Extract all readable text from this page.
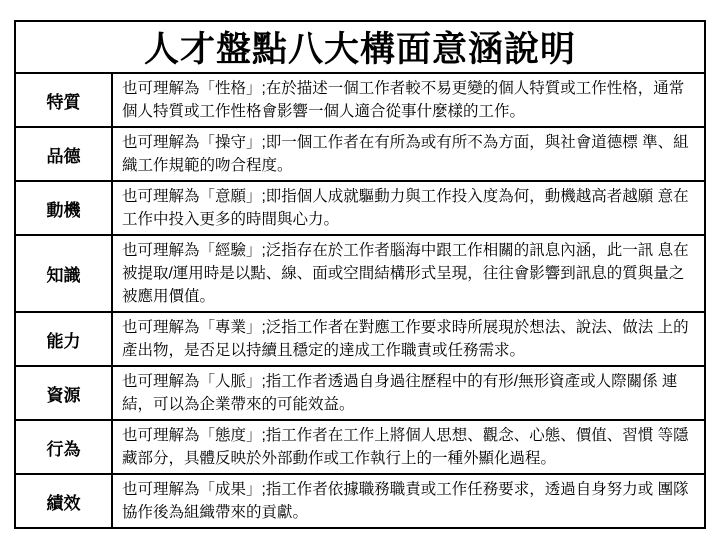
人才盤點八大構面意涵說明
特質
也可理解為「性格」;在於描述一個工作者較不易更變的個人特質或工作性格，通常個人特質或工作性格會影響一個人適合從事什麼樣的工作。
品德
也可理解為「操守」;即一個工作者在有所為或有所不為方面，與社會道德標 準、組織工作規範的吻合程度。
動機
也可理解為「意願」;即指個人成就驅動力與工作投入度為何，動機越高者越願 意在工作中投入更多的時間與心力。
知識
也可理解為「經驗」;泛指存在於工作者腦海中跟工作相關的訊息內涵，此一訊 息在被提取/運用時是以點、線、面或空間結構形式呈現，往往會影響到訊息的質與量之被應用價值。
能力
也可理解為「專業」;泛指工作者在對應工作要求時所展現於想法、說法、做法 上的產出物，是否足以持續且穩定的達成工作職責或任務需求。
資源
也可理解為「人脈」;指工作者透過自身過往歷程中的有形/無形資產或人際關係 連結，可以為企業帶來的可能效益。
行為
也可理解為「態度」;指工作者在工作上將個人思想、觀念、心態、價值、習慣 等隱藏部分，具體反映於外部動作或工作執行上的一種外顯化過程。
績效
也可理解為「成果」;指工作者依據職務職責或工作任務要求，透過自身努力或 團隊協作後為組織帶來的貢獻。
